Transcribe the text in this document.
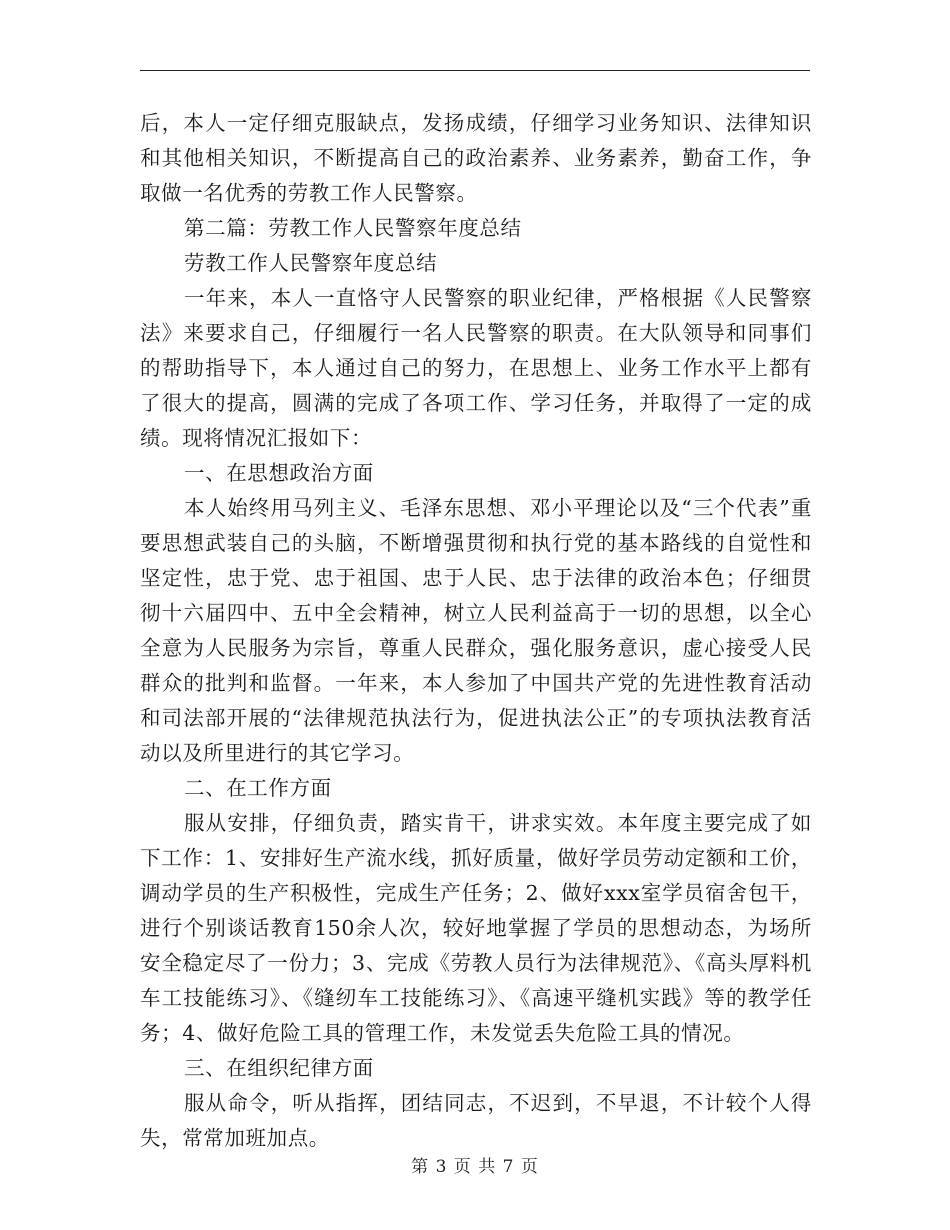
后，本人一定仔细克服缺点，发扬成绩，仔细学习业务知识、法律知识和其他相关知识，不断提高自己的政治素养、业务素养，勤奋工作，争取做一名优秀的劳教工作人民警察。

第二篇：劳教工作人民警察年度总结

劳教工作人民警察年度总结

一年来，本人一直恪守人民警察的职业纪律，严格根据《人民警察法》来要求自己，仔细履行一名人民警察的职责。在大队领导和同事们的帮助指导下，本人通过自己的努力，在思想上、业务工作水平上都有了很大的提高，圆满的完成了各项工作、学习任务，并取得了一定的成绩。现将情况汇报如下：

一、在思想政治方面

本人始终用马列主义、毛泽东思想、邓小平理论以及“三个代表”重要思想武装自己的头脑，不断增强贯彻和执行党的基本路线的自觉性和坚定性，忠于党、忠于祖国、忠于人民、忠于法律的政治本色；仔细贯彻十六届四中、五中全会精神，树立人民利益高于一切的思想，以全心全意为人民服务为宗旨，尊重人民群众，强化服务意识，虚心接受人民群众的批判和监督。一年来，本人参加了中国共产党的先进性教育活动和司法部开展的“法律规范执法行为，促进执法公正”的专项执法教育活动以及所里进行的其它学习。

二、在工作方面

服从安排，仔细负责，踏实肯干，讲求实效。本年度主要完成了如下工作：1、安排好生产流水线，抓好质量，做好学员劳动定额和工价，调动学员的生产积极性，完成生产任务；2、做好xxx室学员宿舍包干，进行个别谈话教育150余人次，较好地掌握了学员的思想动态，为场所安全稳定尽了一份力；3、完成《劳教人员行为法律规范》、《高头厚料机车工技能练习》、《缝纫车工技能练习》、《高速平缝机实践》等的教学任务；4、做好危险工具的管理工作，未发觉丢失危险工具的情况。

三、在组织纪律方面

服从命令，听从指挥，团结同志，不迟到，不早退，不计较个人得失，常常加班加点。

第 3 页 共 7 页
